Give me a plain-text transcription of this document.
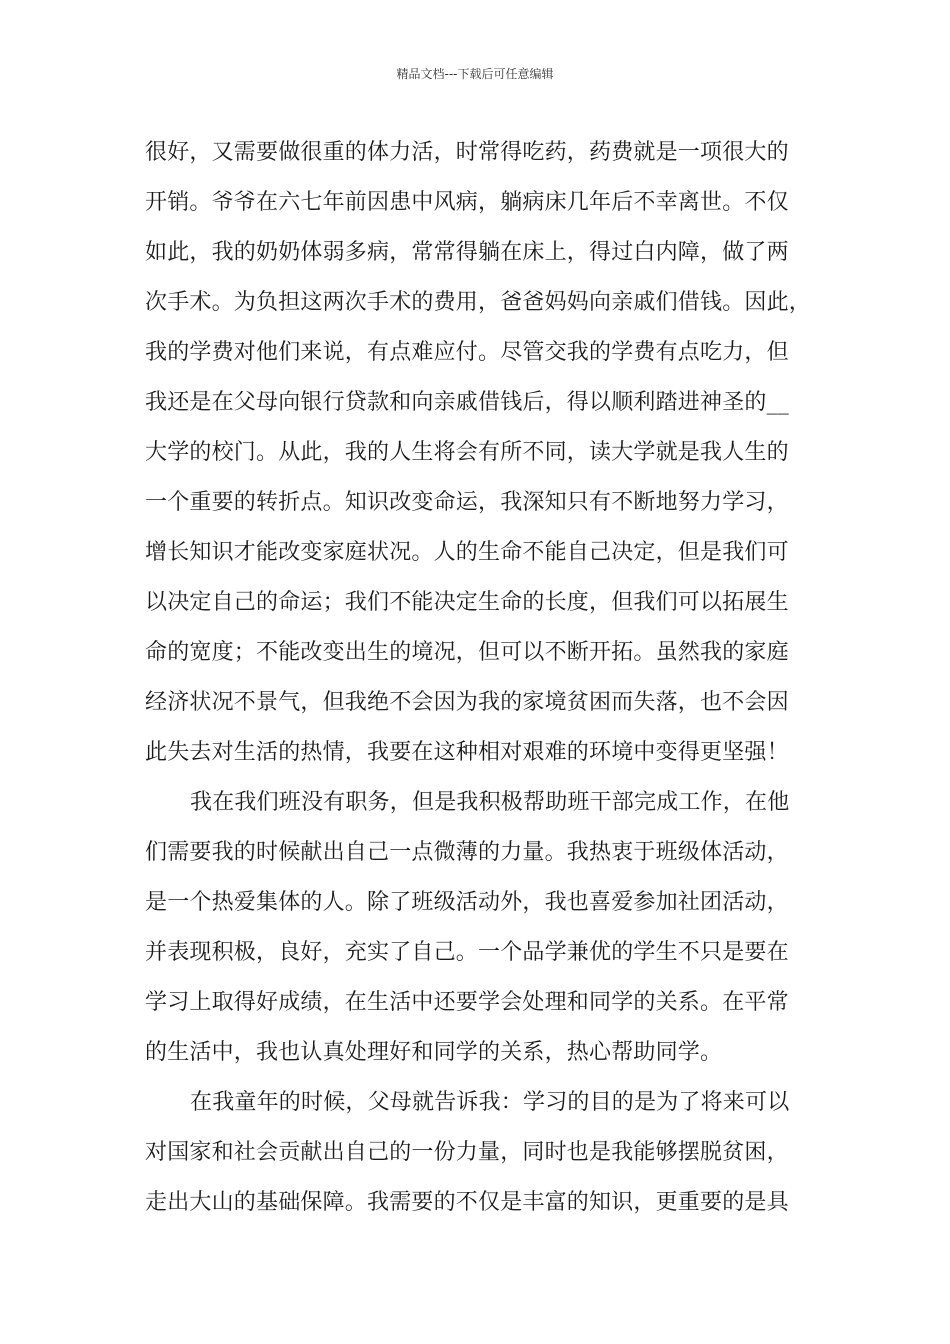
精品文档---下载后可任意编辑
很好，又需要做很重的体力活，时常得吃药，药费就是一项很大的
开销。爷爷在六七年前因患中风病，躺病床几年后不幸离世。不仅
如此，我的奶奶体弱多病，常常得躺在床上，得过白内障，做了两
次手术。为负担这两次手术的费用，爸爸妈妈向亲戚们借钱。因此，
我的学费对他们来说，有点难应付。尽管交我的学费有点吃力，但
我还是在父母向银行贷款和向亲戚借钱后，得以顺利踏进神圣的__
大学的校门。从此，我的人生将会有所不同，读大学就是我人生的
一个重要的转折点。知识改变命运，我深知只有不断地努力学习，
增长知识才能改变家庭状况。人的生命不能自己决定，但是我们可
以决定自己的命运；我们不能决定生命的长度，但我们可以拓展生
命的宽度；不能改变出生的境况，但可以不断开拓。虽然我的家庭
经济状况不景气，但我绝不会因为我的家境贫困而失落，也不会因
此失去对生活的热情，我要在这种相对艰难的环境中变得更坚强！
我在我们班没有职务，但是我积极帮助班干部完成工作，在他
们需要我的时候献出自己一点微薄的力量。我热衷于班级体活动，
是一个热爱集体的人。除了班级活动外，我也喜爱参加社团活动，
并表现积极，良好，充实了自己。一个品学兼优的学生不只是要在
学习上取得好成绩，在生活中还要学会处理和同学的关系。在平常
的生活中，我也认真处理好和同学的关系，热心帮助同学。
在我童年的时候，父母就告诉我：学习的目的是为了将来可以
对国家和社会贡献出自己的一份力量，同时也是我能够摆脱贫困，
走出大山的基础保障。我需要的不仅是丰富的知识，更重要的是具
